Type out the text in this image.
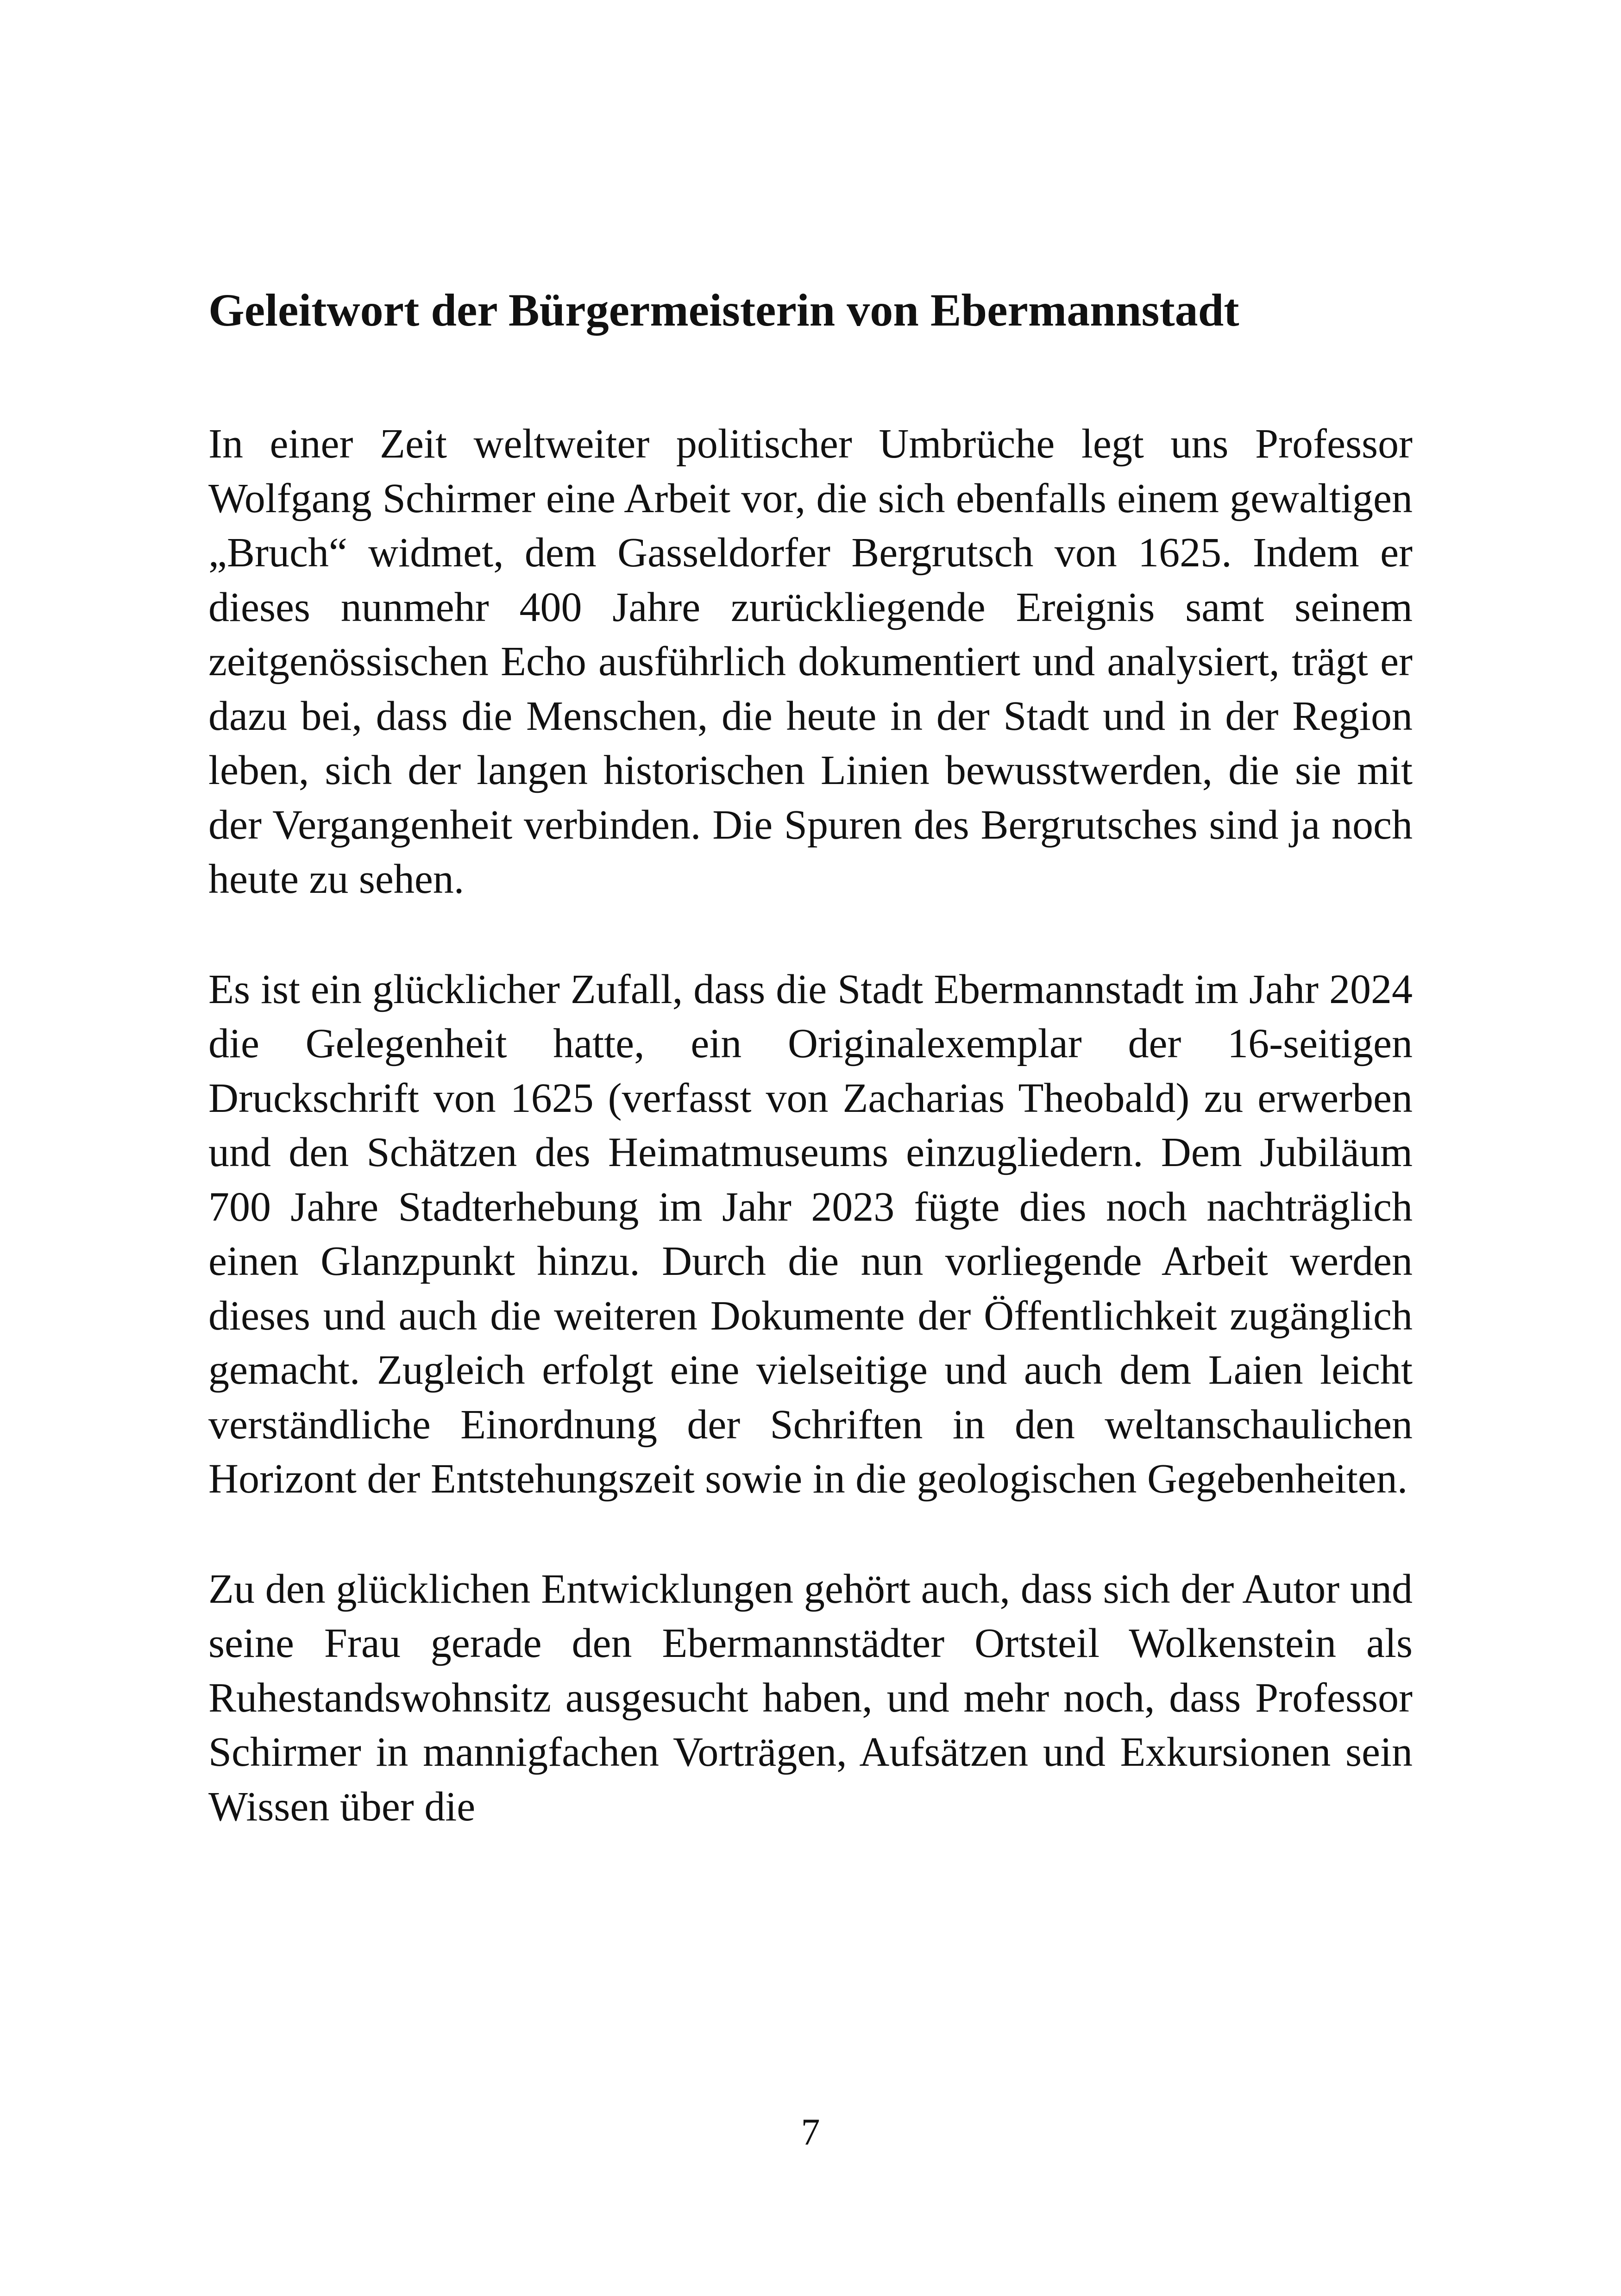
Geleitwort der Bürgermeisterin von Ebermannstadt

In einer Zeit weltweiter politischer Umbrüche legt uns Professor Wolfgang Schirmer eine Arbeit vor, die sich ebenfalls einem gewaltigen „Bruch“ widmet, dem Gasseldorfer Bergrutsch von 1625. Indem er dieses nunmehr 400 Jahre zurückliegende Ereignis samt seinem zeitgenössischen Echo ausführlich dokumentiert und analysiert, trägt er dazu bei, dass die Menschen, die heute in der Stadt und in der Region leben, sich der langen historischen Linien bewusstwerden, die sie mit der Vergangenheit verbinden. Die Spuren des Bergrutsches sind ja noch heute zu sehen.

Es ist ein glücklicher Zufall, dass die Stadt Ebermannstadt im Jahr 2024 die Gelegenheit hatte, ein Originalexemplar der 16-seitigen Druckschrift von 1625 (verfasst von Zacharias Theobald) zu erwerben und den Schätzen des Heimatmuseums einzugliedern. Dem Jubiläum 700 Jahre Stadterhebung im Jahr 2023 fügte dies noch nachträglich einen Glanzpunkt hinzu. Durch die nun vorliegende Arbeit werden dieses und auch die weiteren Dokumente der Öffentlichkeit zugänglich gemacht. Zugleich erfolgt eine vielseitige und auch dem Laien leicht verständliche Einordnung der Schriften in den weltanschaulichen Horizont der Entstehungszeit sowie in die geologischen Gegebenheiten.

Zu den glücklichen Entwicklungen gehört auch, dass sich der Autor und seine Frau gerade den Ebermannstädter Ortsteil Wolkenstein als Ruhestandswohnsitz ausgesucht haben, und mehr noch, dass Professor Schirmer in mannigfachen Vorträgen, Aufsätzen und Exkursionen sein Wissen über die

7
